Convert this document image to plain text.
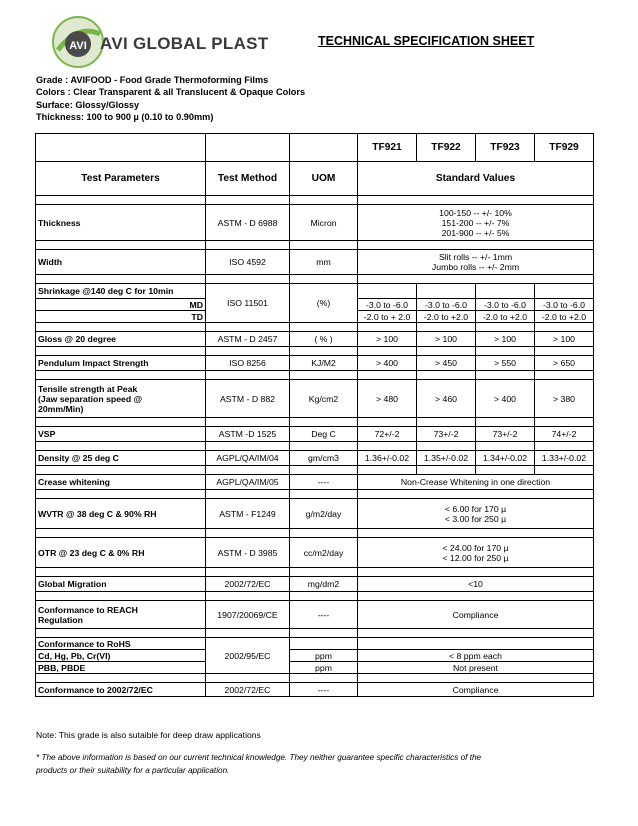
AVI AVI GLOBAL PLAST	TECHNICAL SPECIFICATION SHEET
Grade : AVIFOOD - Food Grade Thermoforming Films
Colors : Clear Transparent & all Translucent & Opaque Colors
Surface: Glossy/Glossy
Thickness: 100 to 900 µ (0.10 to 0.90mm)
			TF921	TF922	TF923	TF929
Test Parameters	Test Method	UOM	Standard Values			

Thickness	ASTM - D 6988	Micron	100-150 -- +/- 10%
151-200 -- +/- 7%
201-900 -- +/- 5%			

Width	ISO 4592	mm	Slit rolls -- +/- 1mm
Jumbo rolls -- +/- 2mm			

Shrinkage @140 deg C for 10min	ISO 11501	(%)				
MD			-3.0 to -6.0	-3.0 to -6.0	-3.0 to -6.0	-3.0 to -6.0
TD			-2.0 to + 2.0	-2.0 to +2.0	-2.0 to +2.0	-2.0 to +2.0

Gloss @ 20 degree	ASTM - D 2457	( % )	> 100	> 100	> 100	> 100

Pendulum Impact Strength	ISO 8256	KJ/M2	> 400	> 450	> 550	> 650

Tensile strength at Peak
(Jaw separation speed @
20mm/Min)	ASTM - D 882	Kg/cm2	> 480	> 460	> 400	> 380

VSP	ASTM -D 1525	Deg C	72+/-2	73+/-2	73+/-2	74+/-2

Density @ 25 deg C	AGPL/QA/IM/04	gm/cm3	1.36+/-0.02	1.35+/-0.02	1.34+/-0.02	1.33+/-0.02

Crease whitening	AGPL/QA/IM/05	----	Non-Crease Whitening in one direction			

WVTR @ 38 deg C & 90% RH	ASTM - F1249	g/m2/day	< 6.00 for 170 µ
< 3.00 for 250 µ			

OTR @ 23 deg C & 0% RH	ASTM - D 3985	cc/m2/day	< 24.00 for 170 µ
< 12.00 for 250 µ			

Global Migration	2002/72/EC	mg/dm2	<10			

Conformance to REACH
Regulation	1907/20069/CE	----	Compliance			

Conformance to RoHS	2002/95/EC					
Cd, Hg, Pb, Cr(VI)		ppm	< 8 ppm each			
PBB, PBDE		ppm	Not present			

Conformance to 2002/72/EC	2002/72/EC	----	Compliance			
Note: This grade is also sutaible for deep draw applications
* The above information is based on our current technical knowledge. They neither guarantee specific characteristics of the
products or their suitability for a particular application.
